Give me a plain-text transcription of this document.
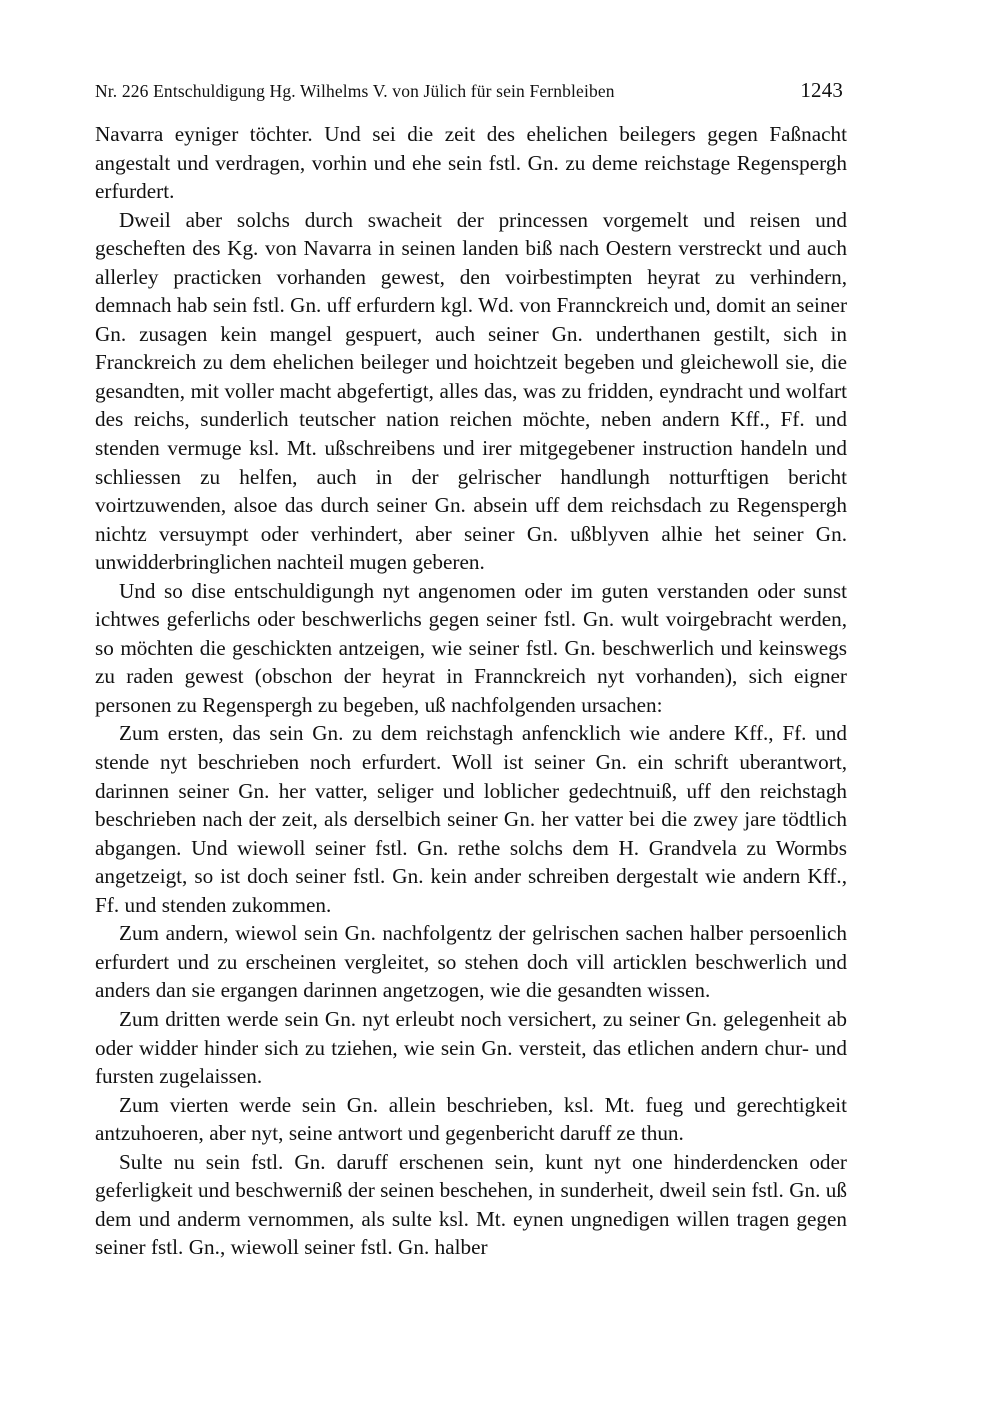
Nr. 226 Entschuldigung Hg. Wilhelms V. von Jülich für sein Fernbleiben	1243

Navarra eyniger töchter. Und sei die zeit des ehelichen beilegers gegen Faßnacht angestalt und verdragen, vorhin und ehe sein fstl. Gn. zu deme reichstage Regenspergh erfurdert.

Dweil aber solchs durch swacheit der princessen vorgemelt und reisen und gescheften des Kg. von Navarra in seinen landen biß nach Oestern verstreckt und auch allerley practicken vorhanden gewest, den voirbestimpten heyrat zu verhindern, demnach hab sein fstl. Gn. uff erfurdern kgl. Wd. von Frannckreich und, domit an seiner Gn. zusagen kein mangel gespuert, auch seiner Gn. underthanen gestilt, sich in Franckreich zu dem ehelichen beileger und hoichtzeit begeben und gleichewoll sie, die gesandten, mit voller macht abgefertigt, alles das, was zu fridden, eyndracht und wolfart des reichs, sunderlich teutscher nation reichen möchte, neben andern Kff., Ff. und stenden vermuge ksl. Mt. ußschreibens und irer mitgegebener instruction handeln und schliessen zu helfen, auch in der gelrischer handlungh notturftigen bericht voirtzuwenden, alsoe das durch seiner Gn. absein uff dem reichsdach zu Regenspergh nichtz versuympt oder verhindert, aber seiner Gn. ußblyven alhie het seiner Gn. unwidderbringlichen nachteil mugen geberen.

Und so dise entschuldigungh nyt angenomen oder im guten verstanden oder sunst ichtwes geferlichs oder beschwerlichs gegen seiner fstl. Gn. wult voirgebracht werden, so möchten die geschickten antzeigen, wie seiner fstl. Gn. beschwerlich und keinswegs zu raden gewest (obschon der heyrat in Frannckreich nyt vorhanden), sich eigner personen zu Regenspergh zu begeben, uß nachfolgenden ursachen:

Zum ersten, das sein Gn. zu dem reichstagh anfencklich wie andere Kff., Ff. und stende nyt beschrieben noch erfurdert. Woll ist seiner Gn. ein schrift uberantwort, darinnen seiner Gn. her vatter, seliger und loblicher gedechtnuiß, uff den reichstagh beschrieben nach der zeit, als derselbich seiner Gn. her vatter bei die zwey jare tödtlich abgangen. Und wiewoll seiner fstl. Gn. rethe solchs dem H. Grandvela zu Wormbs angetzeigt, so ist doch seiner fstl. Gn. kein ander schreiben dergestalt wie andern Kff., Ff. und stenden zukommen.

Zum andern, wiewol sein Gn. nachfolgentz der gelrischen sachen halber persoenlich erfurdert und zu erscheinen vergleitet, so stehen doch vill articklen beschwerlich und anders dan sie ergangen darinnen angetzogen, wie die gesandten wissen.

Zum dritten werde sein Gn. nyt erleubt noch versichert, zu seiner Gn. gelegenheit ab oder widder hinder sich zu tziehen, wie sein Gn. versteit, das etlichen andern chur- und fursten zugelaissen.

Zum vierten werde sein Gn. allein beschrieben, ksl. Mt. fueg und gerechtigkeit antzuhoeren, aber nyt, seine antwort und gegenbericht daruff ze thun.

Sulte nu sein fstl. Gn. daruff erschenen sein, kunt nyt one hinderdencken oder geferligkeit und beschwerniß der seinen beschehen, in sunderheit, dweil sein fstl. Gn. uß dem und anderm vernommen, als sulte ksl. Mt. eynen ungnedigen willen tragen gegen seiner fstl. Gn., wiewoll seiner fstl. Gn. halber
